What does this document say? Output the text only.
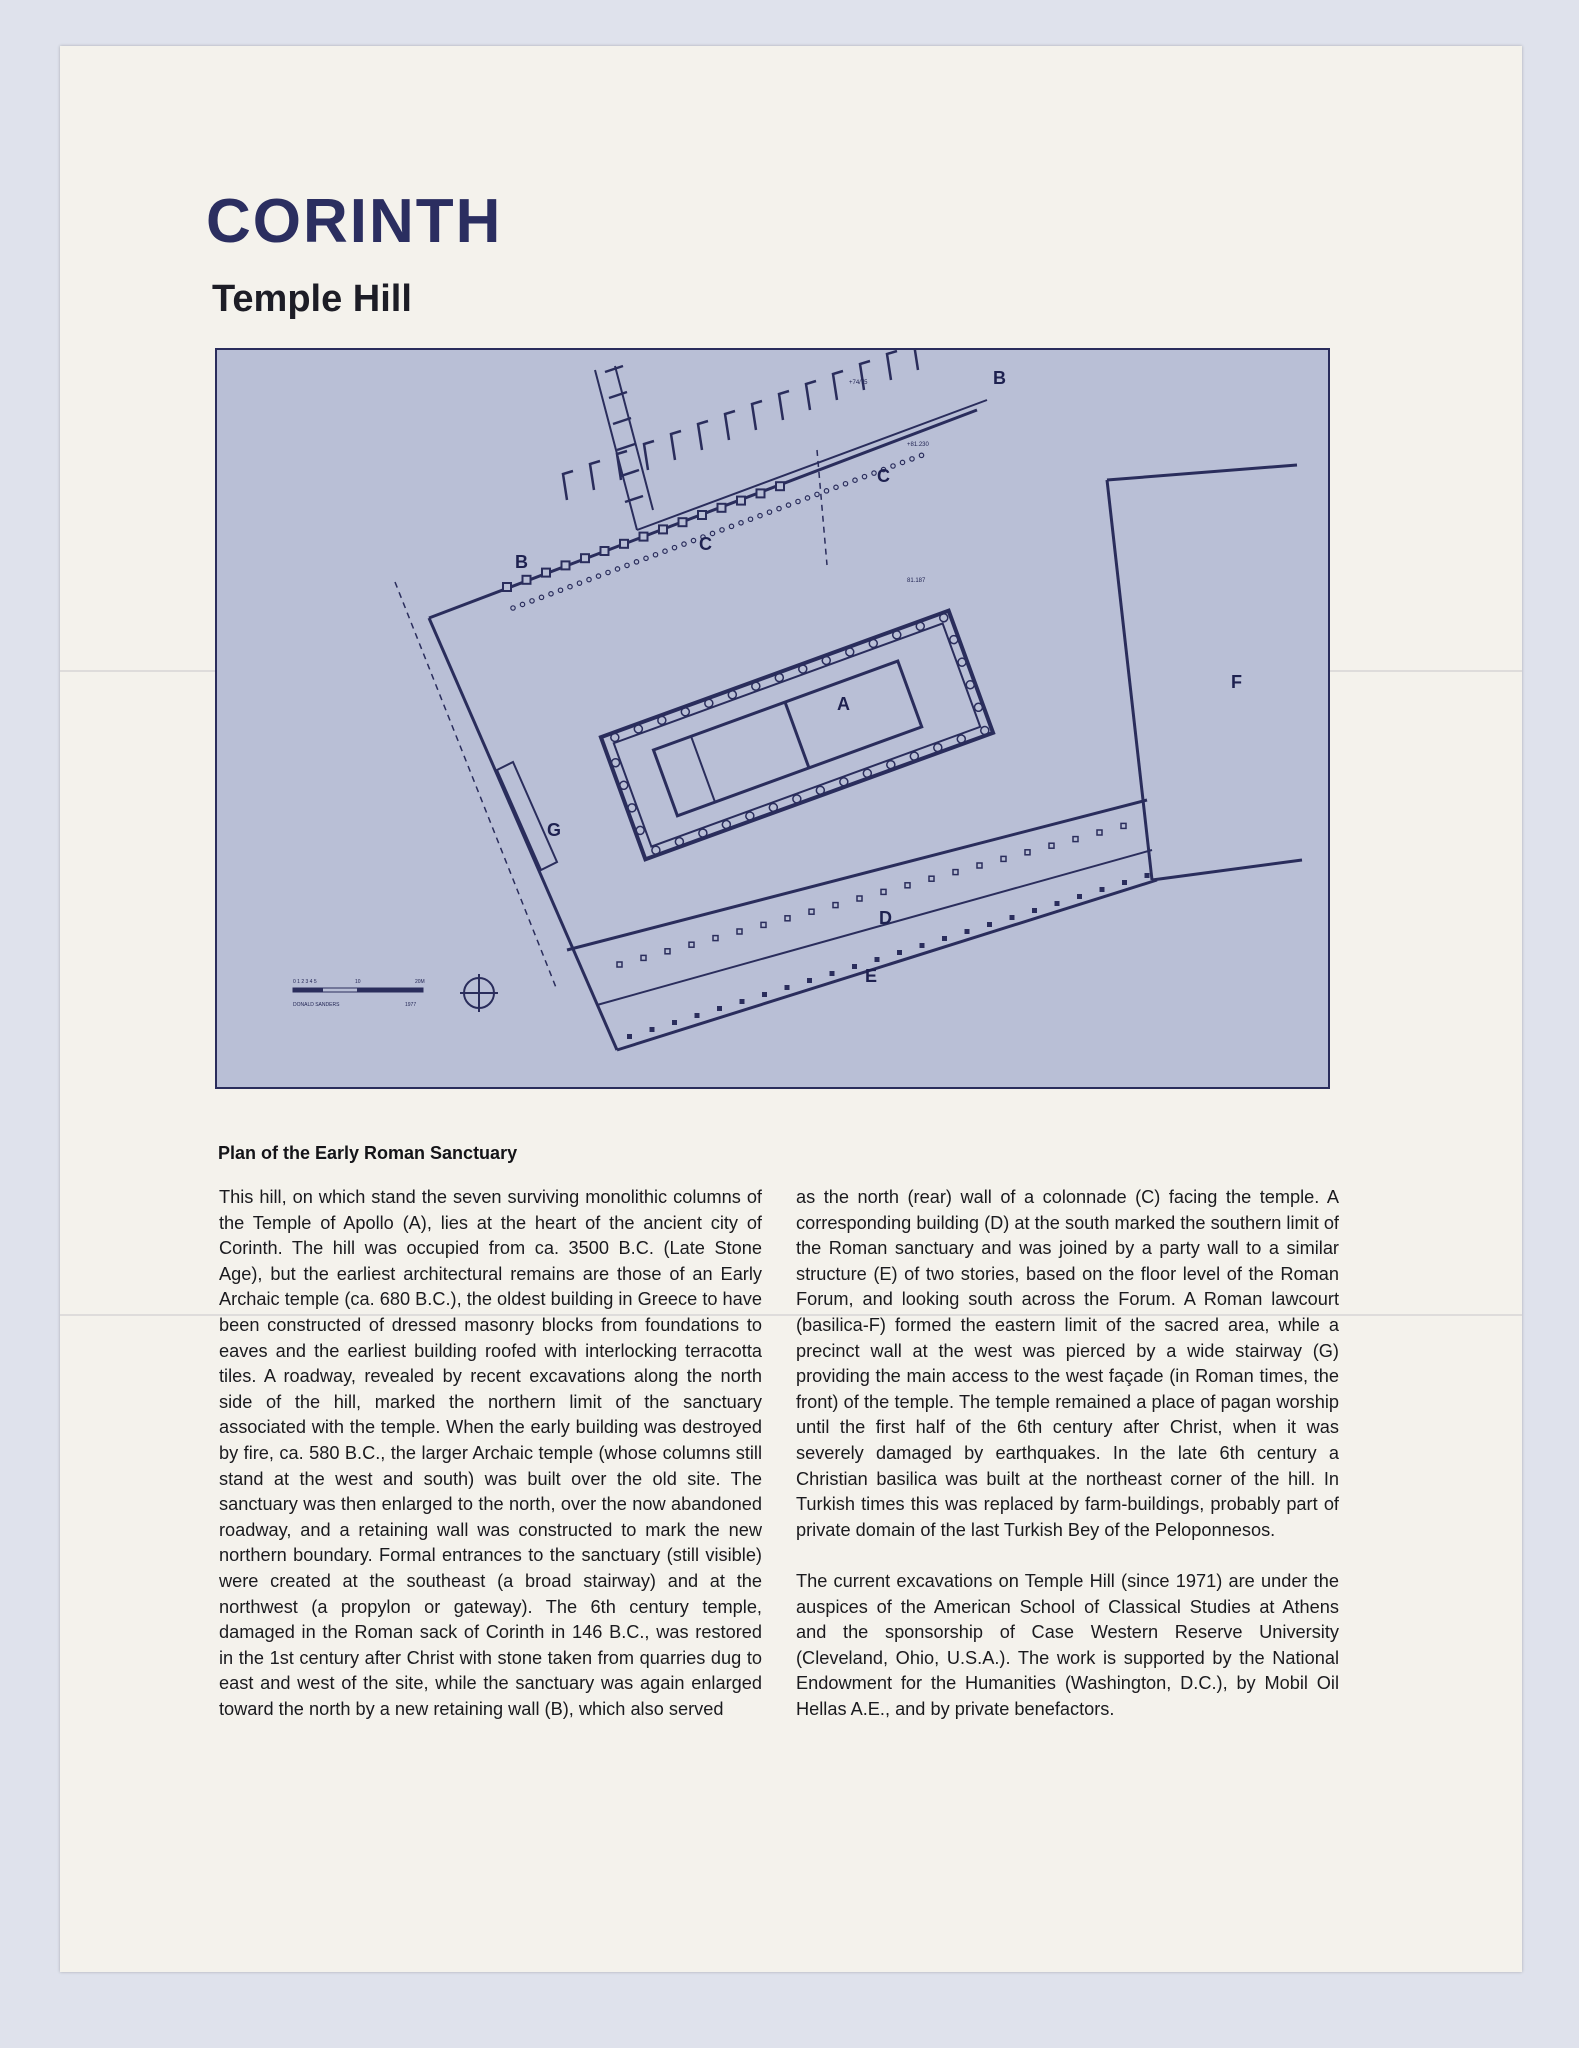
CORINTH
Temple Hill
A
B
B
C
C
D
E
F
G
+74/75
+81.230
81.187
0 1 2 3 4 5	10	20M
DONALD SANDERS	1977

Plan of the Early Roman Sanctuary

This hill, on which stand the seven surviving monolithic columns of the Temple of Apollo (A), lies at the heart of the ancient city of Corinth. The hill was occupied from ca. 3500 B.C. (Late Stone Age), but the earliest architectural remains are those of an Early Archaic temple (ca. 680 B.C.), the oldest building in Greece to have been constructed of dressed masonry blocks from foundations to eaves and the earliest building roofed with interlocking terracotta tiles. A roadway, revealed by recent excavations along the north side of the hill, marked the northern limit of the sanctuary associated with the temple. When the early building was destroyed by fire, ca. 580 B.C., the larger Archaic temple (whose columns still stand at the west and south) was built over the old site. The sanctuary was then enlarged to the north, over the now abandoned roadway, and a retaining wall was constructed to mark the new northern boundary. Formal entrances to the sanctuary (still visible) were created at the southeast (a broad stairway) and at the northwest (a propylon or gateway). The 6th century temple, damaged in the Roman sack of Corinth in 146 B.C., was restored in the 1st century after Christ with stone taken from quarries dug to east and west of the site, while the sanctuary was again enlarged toward the north by a new retaining wall (B), which also served

as the north (rear) wall of a colonnade (C) facing the temple. A corresponding building (D) at the south marked the southern limit of the Roman sanctuary and was joined by a party wall to a similar structure (E) of two stories, based on the floor level of the Roman Forum, and looking south across the Forum. A Roman lawcourt (basilica-F) formed the eastern limit of the sacred area, while a precinct wall at the west was pierced by a wide stairway (G) providing the main access to the west façade (in Roman times, the front) of the temple. The temple remained a place of pagan worship until the first half of the 6th century after Christ, when it was severely damaged by earthquakes. In the late 6th century a Christian basilica was built at the northeast corner of the hill. In Turkish times this was replaced by farm-buildings, probably part of private domain of the last Turkish Bey of the Peloponnesos.

The current excavations on Temple Hill (since 1971) are under the auspices of the American School of Classical Studies at Athens and the sponsorship of Case Western Reserve University (Cleveland, Ohio, U.S.A.). The work is supported by the National Endowment for the Humanities (Washington, D.C.), by Mobil Oil Hellas A.E., and by private benefactors.
